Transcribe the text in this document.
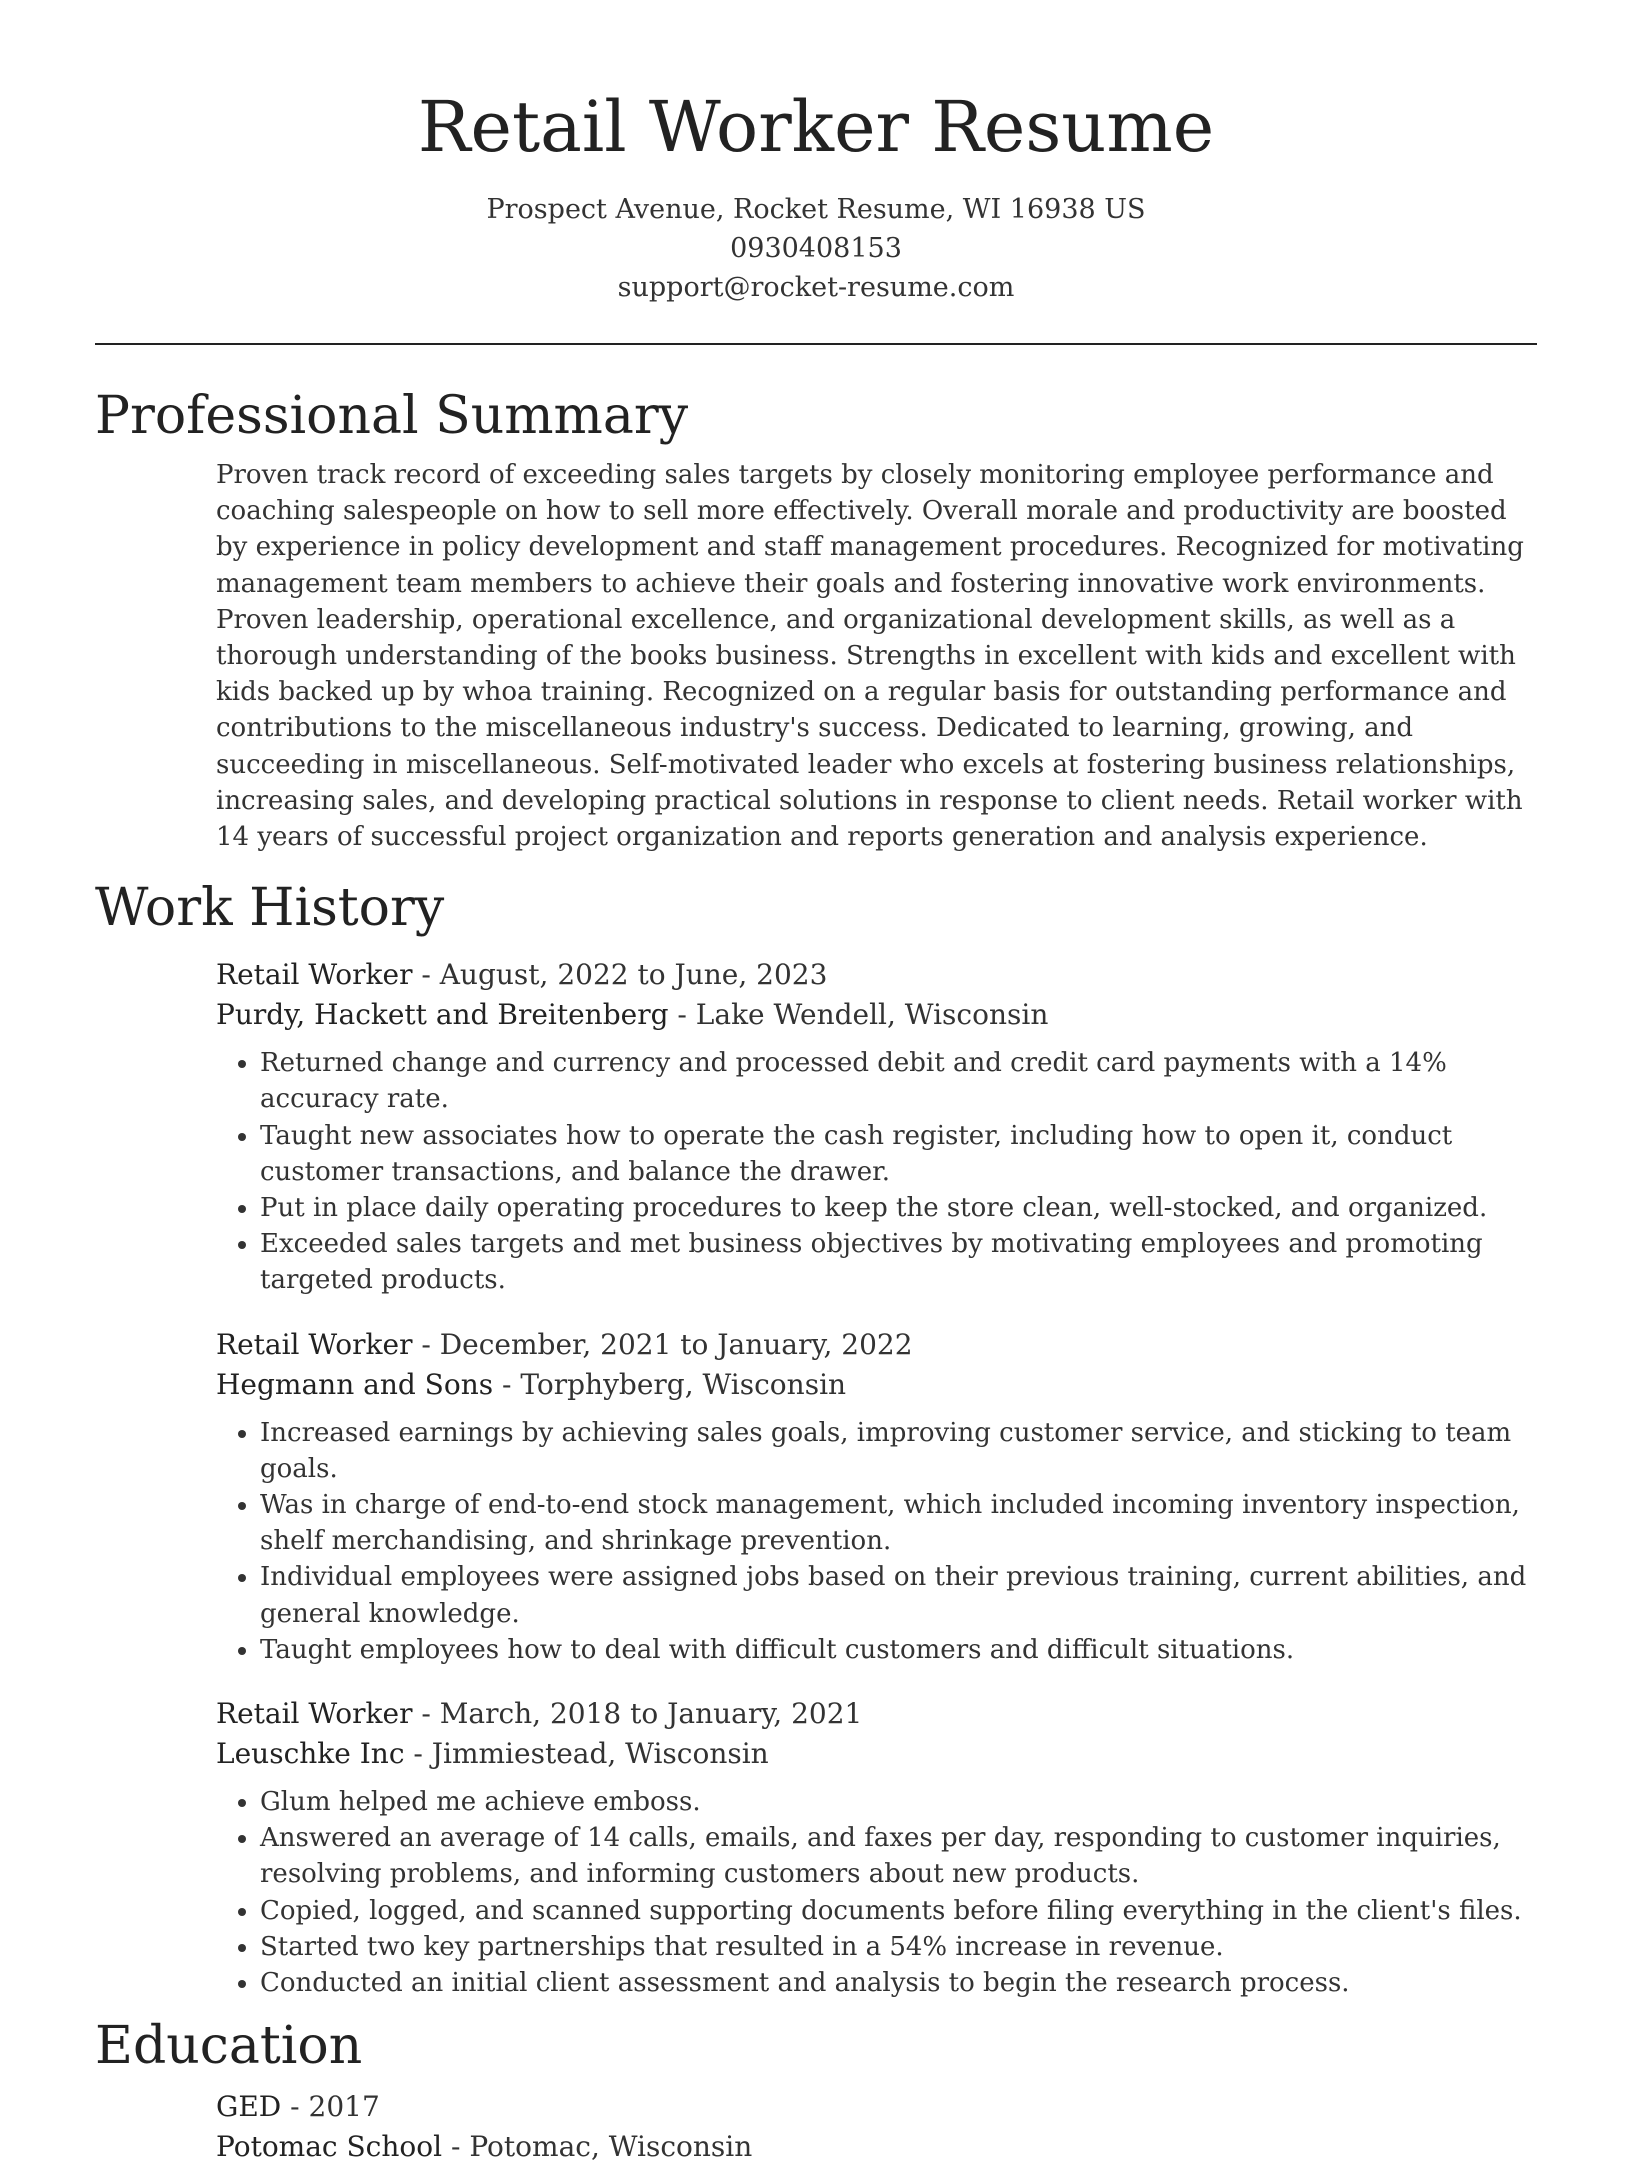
Retail Worker Resume
Prospect Avenue, Rocket Resume, WI 16938 US
0930408153
support@rocket-resume.com
Professional Summary

Proven track record of exceeding sales targets by closely monitoring employee performance and coaching salespeople on how to sell more effectively. Overall morale and productivity are boosted by experience in policy development and staff management procedures. Recognized for motivating management team members to achieve their goals and fostering innovative work environments. Proven leadership, operational excellence, and organizational development skills, as well as a thorough understanding of the books business. Strengths in excellent with kids and excellent with kids backed up by whoa training. Recognized on a regular basis for outstanding performance and contributions to the miscellaneous industry's success. Dedicated to learning, growing, and succeeding in miscellaneous. Self-motivated leader who excels at fostering business relationships, increasing sales, and developing practical solutions in response to client needs. Retail worker with 14 years of successful project organization and reports generation and analysis experience.

Work History
Retail Worker - August, 2022 to June, 2023
Purdy, Hackett and Breitenberg - Lake Wendell, Wisconsin
• Returned change and currency and processed debit and credit card payments with a 14% accuracy rate.
• Taught new associates how to operate the cash register, including how to open it, conduct customer transactions, and balance the drawer.
• Put in place daily operating procedures to keep the store clean, well-stocked, and organized.
• Exceeded sales targets and met business objectives by motivating employees and promoting targeted products.
Retail Worker - December, 2021 to January, 2022
Hegmann and Sons - Torphyberg, Wisconsin
• Increased earnings by achieving sales goals, improving customer service, and sticking to team goals.
• Was in charge of end-to-end stock management, which included incoming inventory inspection, shelf merchandising, and shrinkage prevention.
• Individual employees were assigned jobs based on their previous training, current abilities, and general knowledge.
• Taught employees how to deal with difficult customers and difficult situations.
Retail Worker - March, 2018 to January, 2021
Leuschke Inc - Jimmiestead, Wisconsin
• Glum helped me achieve emboss.
• Answered an average of 14 calls, emails, and faxes per day, responding to customer inquiries, resolving problems, and informing customers about new products.
• Copied, logged, and scanned supporting documents before filing everything in the client's files.
• Started two key partnerships that resulted in a 54% increase in revenue.
• Conducted an initial client assessment and analysis to begin the research process.
Education
GED - 2017
Potomac School - Potomac, Wisconsin
